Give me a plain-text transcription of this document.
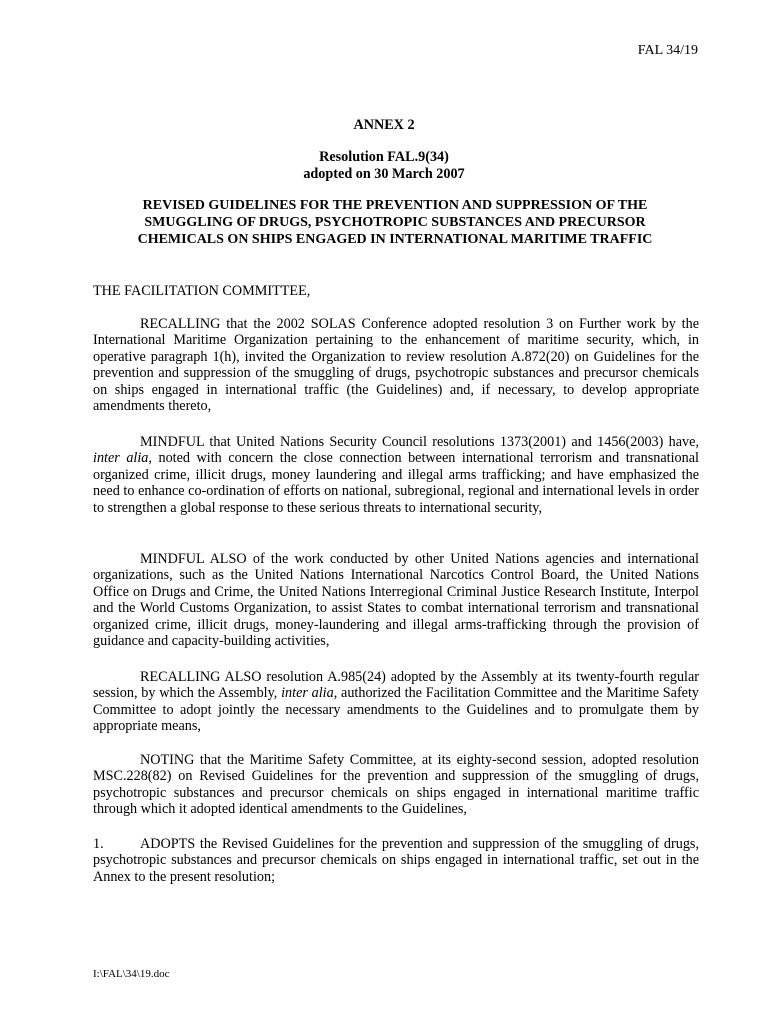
FAL 34/19
ANNEX 2
Resolution FAL.9(34)
adopted on 30 March 2007
REVISED GUIDELINES FOR THE PREVENTION AND SUPPRESSION OF THE SMUGGLING OF DRUGS, PSYCHOTROPIC SUBSTANCES AND PRECURSOR CHEMICALS ON SHIPS ENGAGED IN INTERNATIONAL MARITIME TRAFFIC
THE FACILITATION COMMITTEE,
RECALLING that the 2002 SOLAS Conference adopted resolution 3 on Further work by the International Maritime Organization pertaining to the enhancement of maritime security, which, in operative paragraph 1(h), invited the Organization to review resolution A.872(20) on Guidelines for the prevention and suppression of the smuggling of drugs, psychotropic substances and precursor chemicals on ships engaged in international traffic (the Guidelines) and, if necessary, to develop appropriate amendments thereto,
MINDFUL that United Nations Security Council resolutions 1373(2001) and 1456(2003) have, inter alia, noted with concern the close connection between international terrorism and transnational organized crime, illicit drugs, money laundering and illegal arms trafficking; and have emphasized the need to enhance co-ordination of efforts on national, subregional, regional and international levels in order to strengthen a global response to these serious threats to international security,
MINDFUL ALSO of the work conducted by other United Nations agencies and international organizations, such as the United Nations International Narcotics Control Board, the United Nations Office on Drugs and Crime, the United Nations Interregional Criminal Justice Research Institute, Interpol and the World Customs Organization, to assist States to combat international terrorism and transnational organized crime, illicit drugs, money-laundering and illegal arms-trafficking through the provision of guidance and capacity-building activities,
RECALLING ALSO resolution A.985(24) adopted by the Assembly at its twenty-fourth regular session, by which the Assembly, inter alia, authorized the Facilitation Committee and the Maritime Safety Committee to adopt jointly the necessary amendments to the Guidelines and to promulgate them by appropriate means,
NOTING that the Maritime Safety Committee, at its eighty-second session, adopted resolution MSC.228(82) on Revised Guidelines for the prevention and suppression of the smuggling of drugs, psychotropic substances and precursor chemicals on ships engaged in international maritime traffic through which it adopted identical amendments to the Guidelines,
1.	ADOPTS the Revised Guidelines for the prevention and suppression of the smuggling of drugs, psychotropic substances and precursor chemicals on ships engaged in international traffic, set out in the Annex to the present resolution;
I:\FAL\34\19.doc
